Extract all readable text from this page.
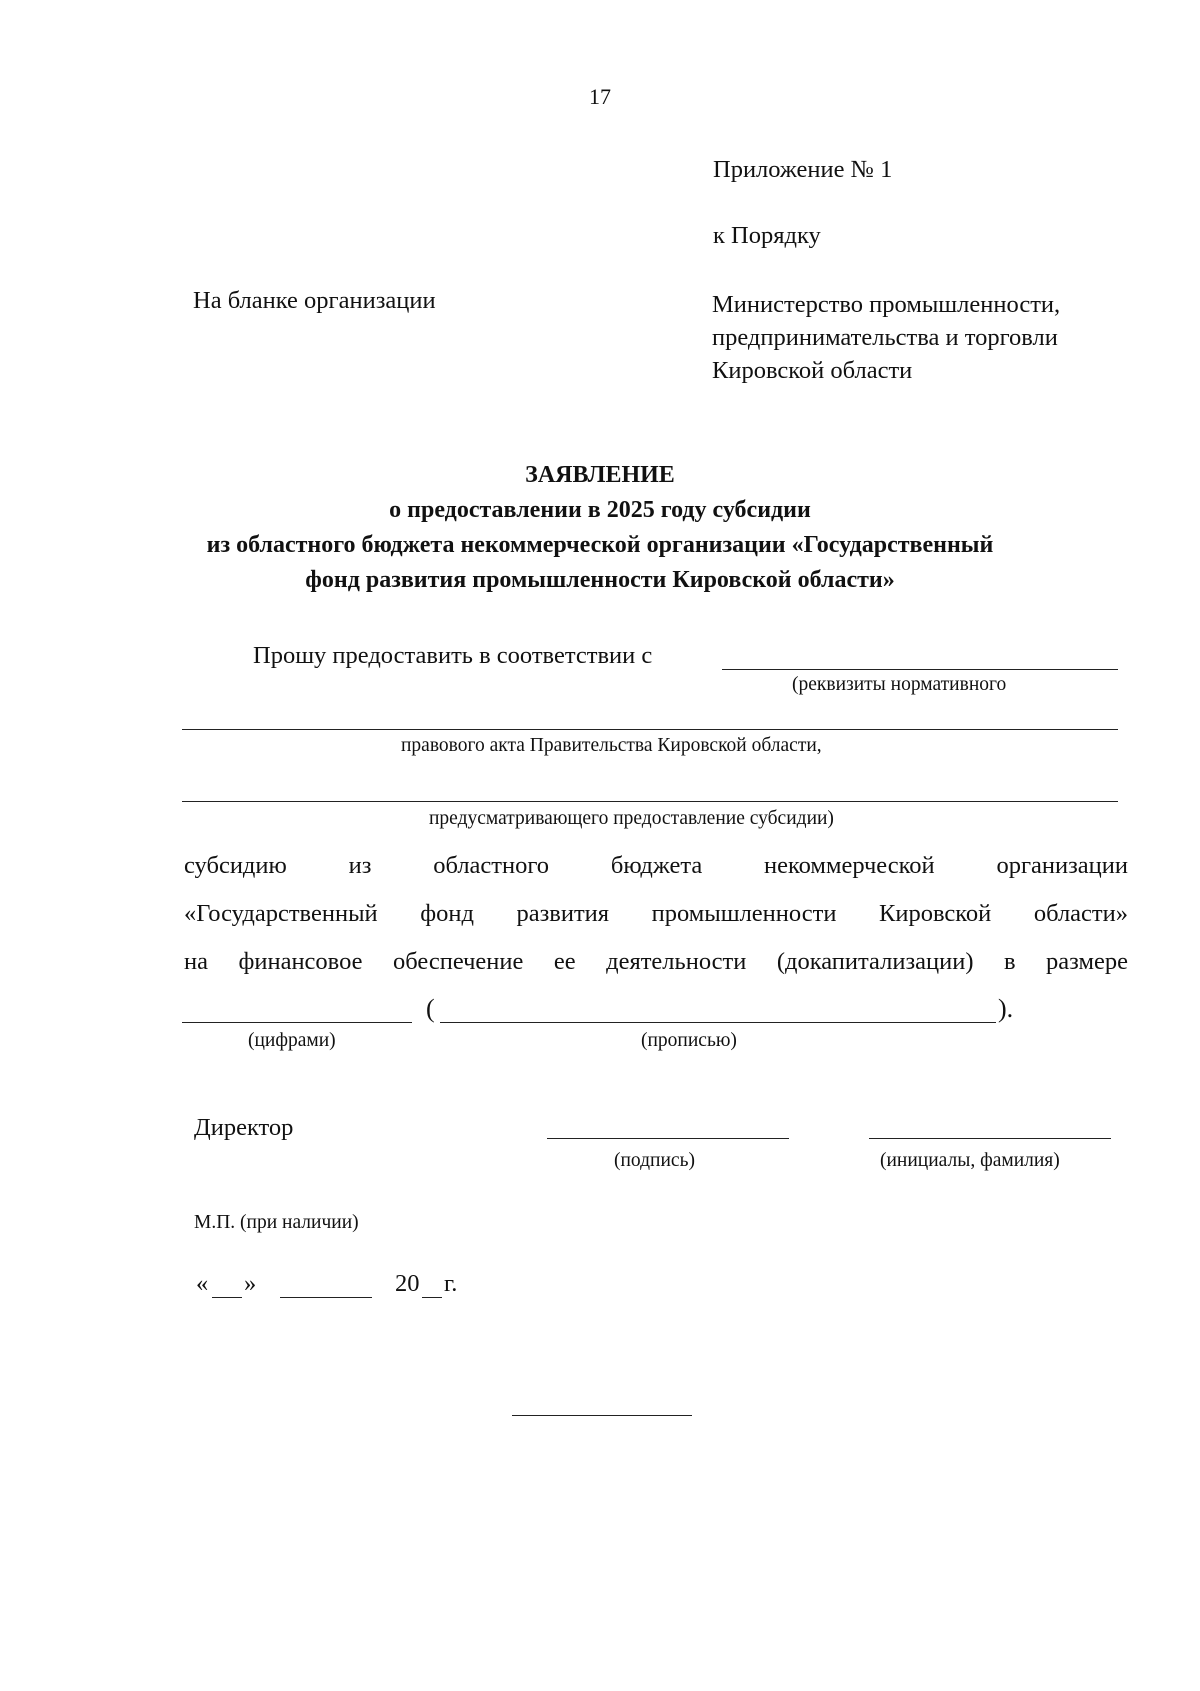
17
Приложение № 1
к Порядку
На бланке организации	Министерство промышленности, предпринимательства и торговли Кировской области
ЗАЯВЛЕНИЕ
о предоставлении в 2025 году субсидии
из областного бюджета некоммерческой организации «Государственный
фонд развития промышленности Кировской области»
Прошу предоставить в соответствии с
(реквизиты нормативного
правового акта Правительства Кировской области,
предусматривающего предоставление субсидии)
субсидию из областного бюджета некоммерческой организации
«Государственный фонд развития промышленности Кировской области»
на финансовое обеспечение ее деятельности (докапитализации) в размере
(	).
(цифрами)	(прописью)
Директор
(подпись)	(инициалы, фамилия)
М.П. (при наличии)
« »	20 г.
